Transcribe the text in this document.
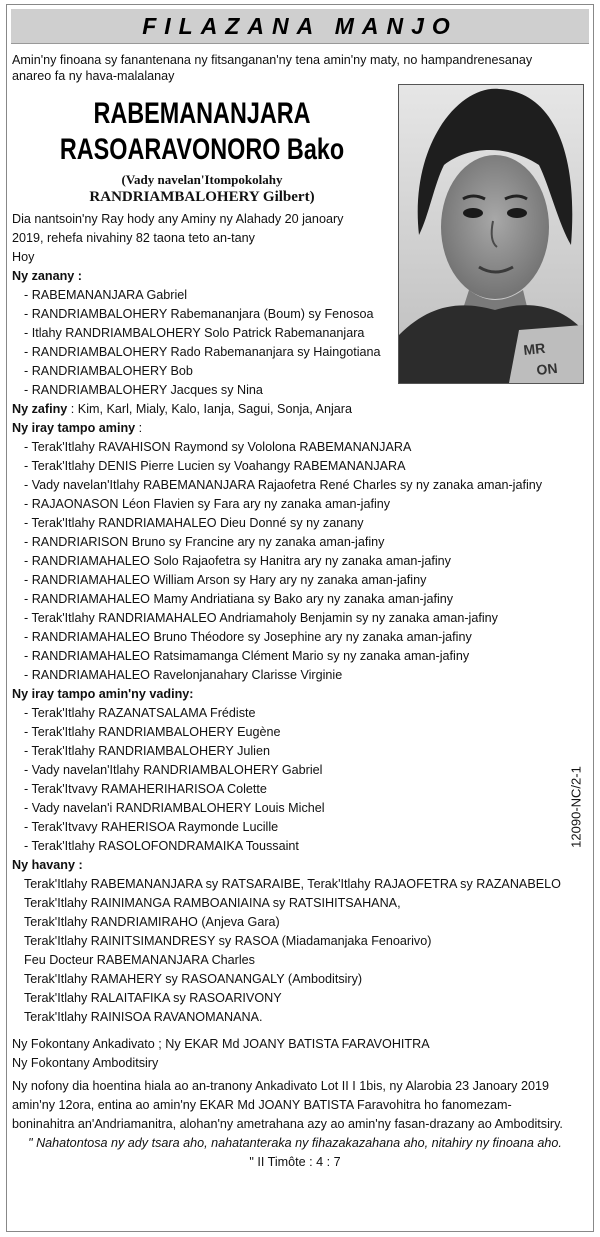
FILAZANA MANJO
MR
ON

Amin'ny finoana sy fanantenana ny fitsanganan'ny tena amin'ny maty, no hampandrenesanay anareo fa ny hava-malalanay

RABEMANANJARA
RASOARAVONORO Bako
(Vady navelan'Itompokolahy
RANDRIAMBALOHERY Gilbert)
Dia nantsoin'ny Ray hody any Aminy ny Alahady 20 janoary
2019, rehefa nivahiny 82 taona teto an-tany
Hoy
Ny zanany :
- RABEMANANJARA Gabriel
- RANDRIAMBALOHERY Rabemananjara (Boum) sy Fenosoa
- Itlahy RANDRIAMBALOHERY Solo Patrick Rabemananjara
- RANDRIAMBALOHERY Rado Rabemananjara sy Haingotiana
- RANDRIAMBALOHERY Bob
- RANDRIAMBALOHERY Jacques sy Nina
Ny zafiny : Kim, Karl, Mialy, Kalo, Ianja, Sagui, Sonja, Anjara
Ny iray tampo aminy :
- Terak'Itlahy RAVAHISON Raymond sy Vololona RABEMANANJARA
- Terak'Itlahy DENIS Pierre Lucien sy Voahangy RABEMANANJARA
- Vady navelan'Itlahy RABEMANANJARA Rajaofetra René Charles sy ny zanaka aman-jafiny
- RAJAONASON Léon Flavien sy Fara ary ny zanaka aman-jafiny
- Terak'Itlahy RANDRIAMAHALEO Dieu Donné sy ny zanany
- RANDRIARISON Bruno sy Francine ary ny zanaka aman-jafiny
- RANDRIAMAHALEO Solo Rajaofetra sy Hanitra ary ny zanaka aman-jafiny
- RANDRIAMAHALEO William Arson sy Hary ary ny zanaka aman-jafiny
- RANDRIAMAHALEO Mamy Andriatiana sy Bako ary ny zanaka aman-jafiny
- Terak'Itlahy RANDRIAMAHALEO Andriamaholy Benjamin sy ny zanaka aman-jafiny
- RANDRIAMAHALEO Bruno Théodore sy Josephine ary ny zanaka aman-jafiny
- RANDRIAMAHALEO Ratsimamanga Clément Mario sy ny zanaka aman-jafiny
- RANDRIAMAHALEO Ravelonjanahary Clarisse Virginie
Ny iray tampo amin'ny vadiny:
- Terak'Itlahy RAZANATSALAMA Frédiste
- Terak'Itlahy RANDRIAMBALOHERY Eugène
- Terak'Itlahy RANDRIAMBALOHERY Julien
- Vady navelan'Itlahy RANDRIAMBALOHERY Gabriel
- Terak'Itvavy RAMAHERIHARISOA Colette
- Vady navelan'i RANDRIAMBALOHERY Louis Michel
- Terak'Itvavy RAHERISOA Raymonde Lucille
- Terak'Itlahy RASOLOFONDRAMAIKA Toussaint
Ny havany :
Terak'Itlahy RABEMANANJARA sy RATSARAIBE, Terak'Itlahy RAJAOFETRA sy RAZANABELO
Terak'Itlahy RAINIMANGA RAMBOANIAINA sy RATSIHITSAHANA,
Terak'Itlahy RANDRIAMIRAHO (Anjeva Gara)
Terak'Itlahy RAINITSIMANDRESY sy RASOA (Miadamanjaka Fenoarivo)
Feu Docteur RABEMANANJARA Charles
Terak'Itlahy RAMAHERY sy RASOANANGALY (Amboditsiry)
Terak'Itlahy RALAITAFIKA sy RASOARIVONY
Terak'Itlahy RAINISOA RAVANOMANANA.
Ny Fokontany Ankadivato ; Ny EKAR Md JOANY BATISTA FARAVOHITRA
Ny Fokontany Amboditsiry
Ny nofony dia hoentina hiala ao an-tranony Ankadivato Lot II I 1bis, ny Alarobia 23 Janoary 2019
amin'ny 12ora, entina ao amin'ny EKAR Md JOANY BATISTA Faravohitra ho fanomezam-
boninahitra an'Andriamanitra, alohan'ny ametrahana azy ao amin'ny fasan-drazany ao Amboditsiry.
" Nahatontosa ny ady tsara aho, nahatanteraka ny fihazakazahana aho, nitahiry ny finoana aho.
" II Timôte : 4 : 7
12090-NC/2-1
